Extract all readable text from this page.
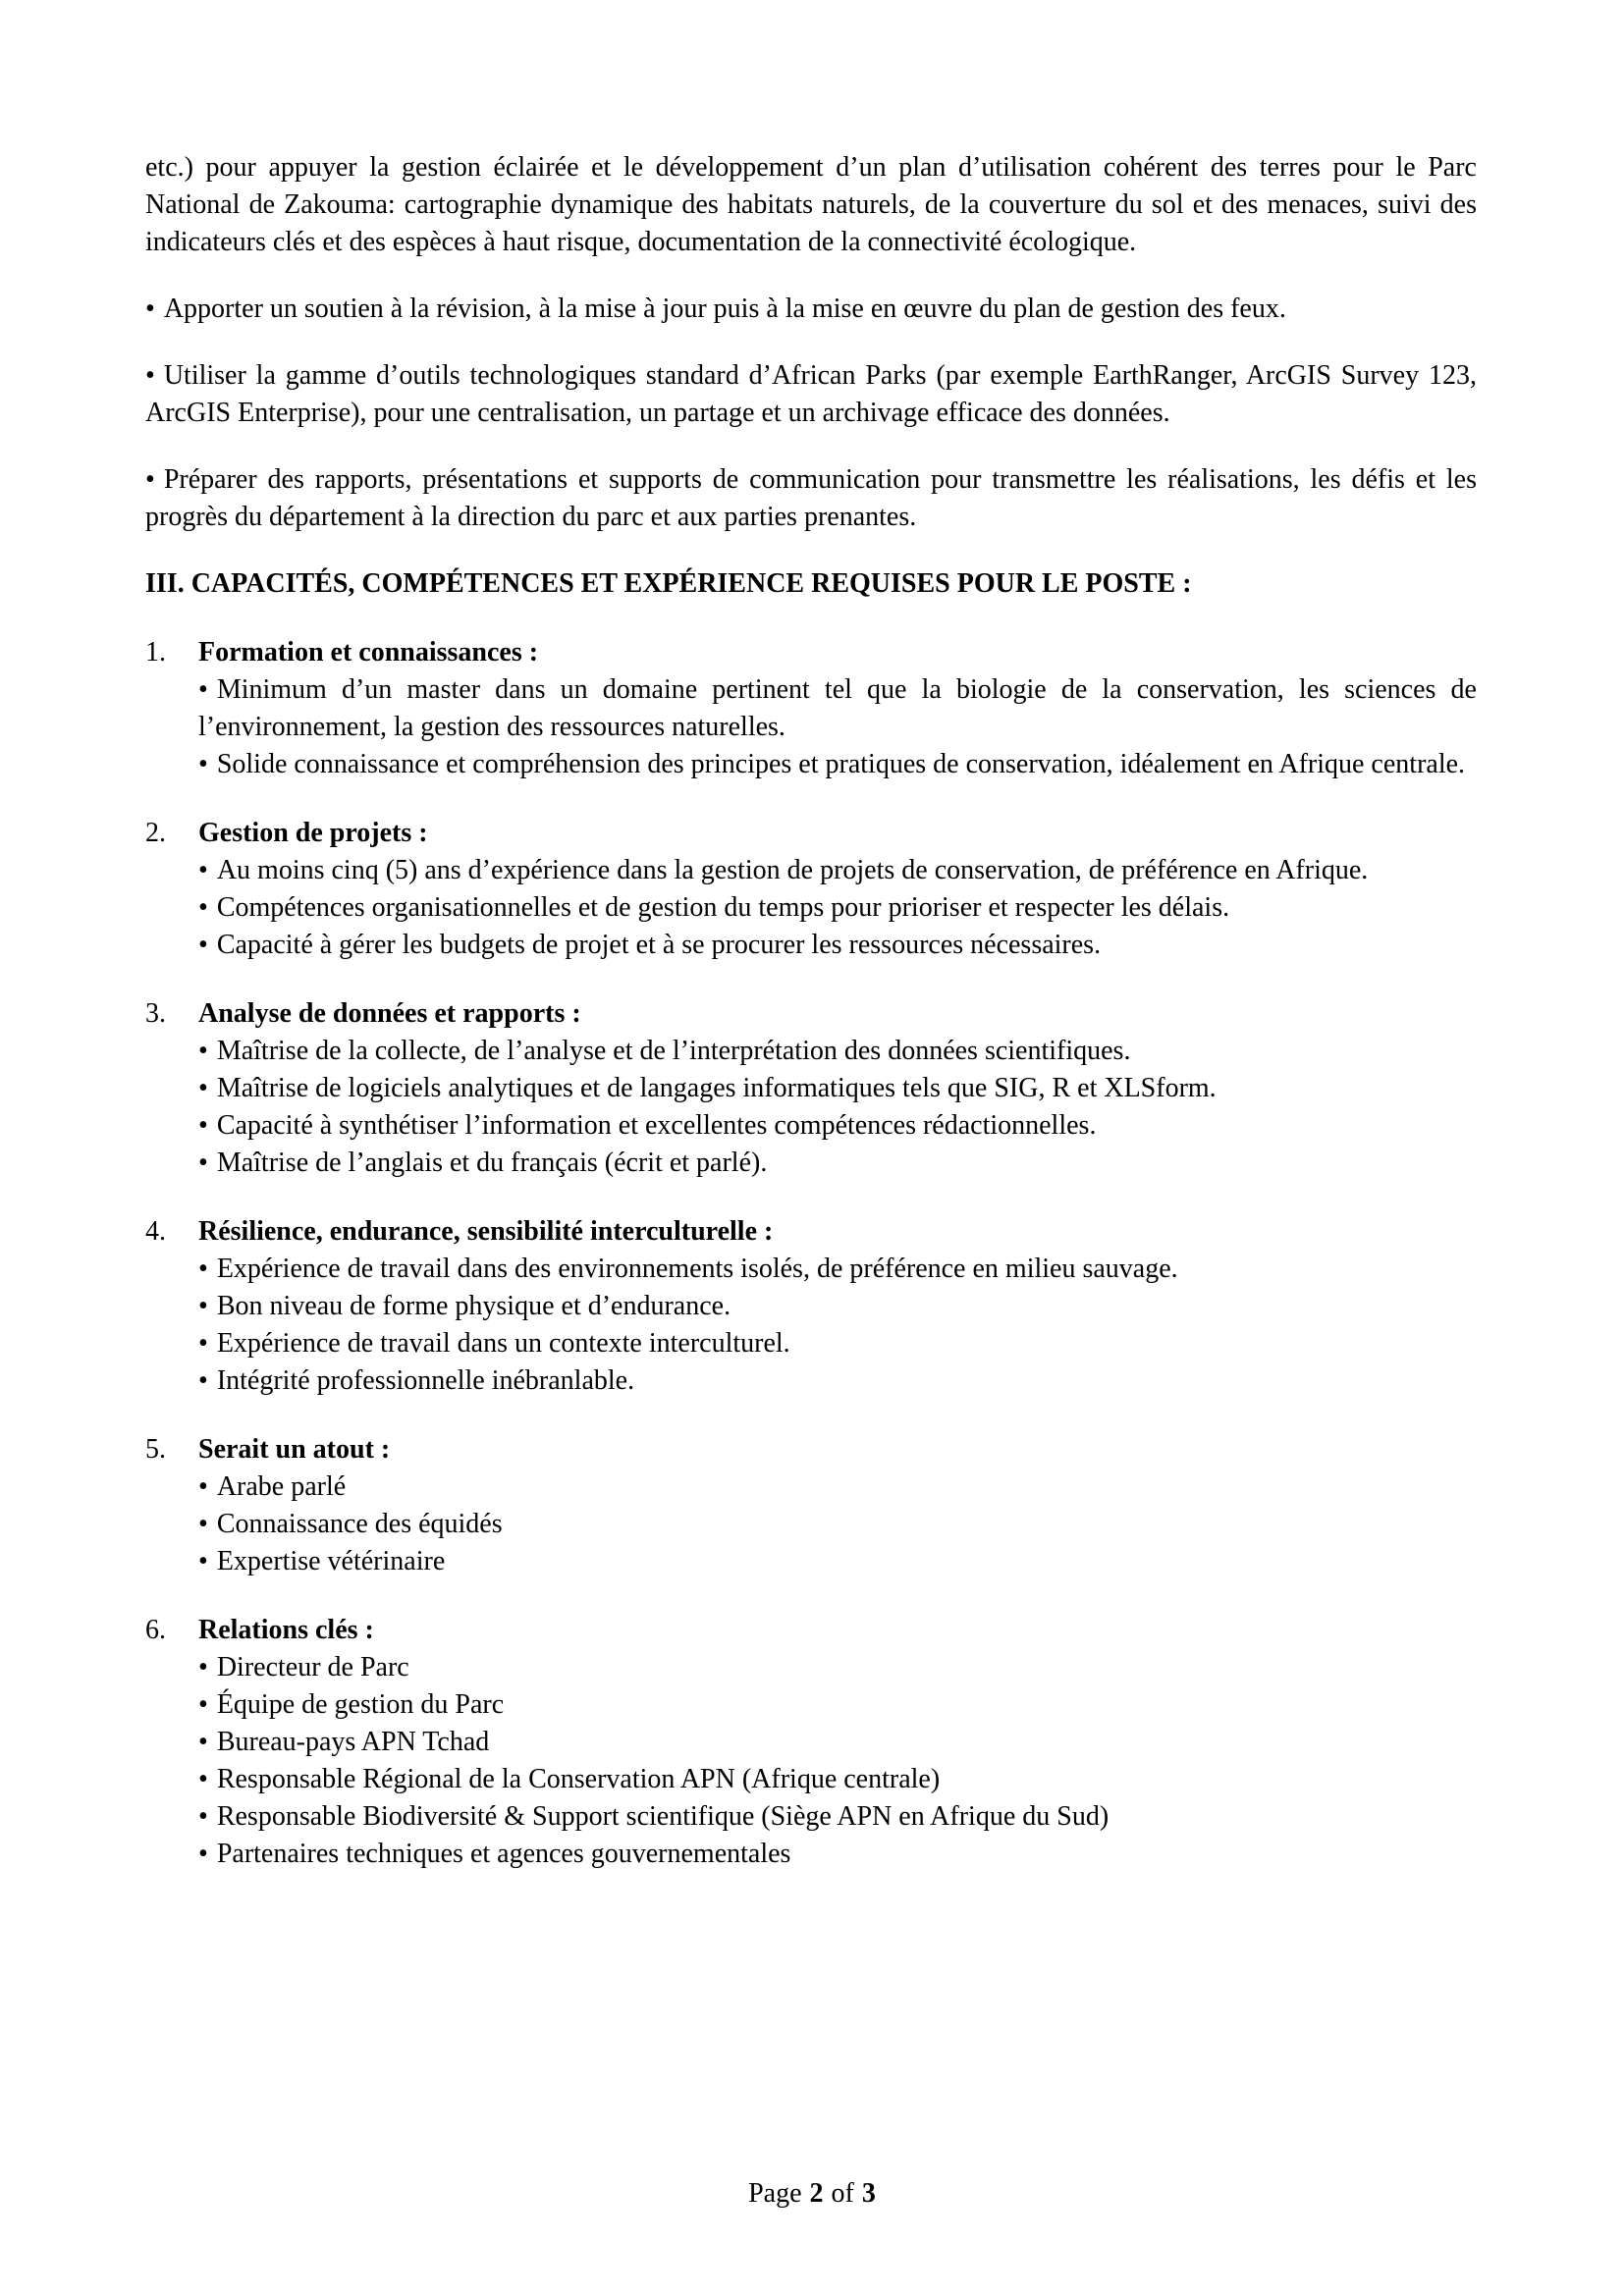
etc.) pour appuyer la gestion éclairée et le développement d’un plan d’utilisation cohérent des terres pour le Parc National de Zakouma: cartographie dynamique des habitats naturels, de la couverture du sol et des menaces, suivi des indicateurs clés et des espèces à haut risque, documentation de la connectivité écologique.

• Apporter un soutien à la révision, à la mise à jour puis à la mise en œuvre du plan de gestion des feux.

• Utiliser la gamme d’outils technologiques standard d’African Parks (par exemple EarthRanger, ArcGIS Survey 123, ArcGIS Enterprise), pour une centralisation, un partage et un archivage efficace des données.

• Préparer des rapports, présentations et supports de communication pour transmettre les réalisations, les défis et les progrès du département à la direction du parc et aux parties prenantes.

III. CAPACITÉS, COMPÉTENCES ET EXPÉRIENCE REQUISES POUR LE POSTE :
1.	Formation et connaissances :

• Minimum d’un master dans un domaine pertinent tel que la biologie de la conservation, les sciences de l’environnement, la gestion des ressources naturelles.

• Solide connaissance et compréhension des principes et pratiques de conservation, idéalement en Afrique centrale.

2.	Gestion de projets :

• Au moins cinq (5) ans d’expérience dans la gestion de projets de conservation, de préférence en Afrique.

• Compétences organisationnelles et de gestion du temps pour prioriser et respecter les délais.

• Capacité à gérer les budgets de projet et à se procurer les ressources nécessaires.

3.	Analyse de données et rapports :

• Maîtrise de la collecte, de l’analyse et de l’interprétation des données scientifiques.

• Maîtrise de logiciels analytiques et de langages informatiques tels que SIG, R et XLSform.

• Capacité à synthétiser l’information et excellentes compétences rédactionnelles.

• Maîtrise de l’anglais et du français (écrit et parlé).

4.	Résilience, endurance, sensibilité interculturelle :

• Expérience de travail dans des environnements isolés, de préférence en milieu sauvage.

• Bon niveau de forme physique et d’endurance.

• Expérience de travail dans un contexte interculturel.

• Intégrité professionnelle inébranlable.

5.	Serait un atout :

• Arabe parlé

• Connaissance des équidés

• Expertise vétérinaire

6.	Relations clés :

• Directeur de Parc

• Équipe de gestion du Parc

• Bureau-pays APN Tchad

• Responsable Régional de la Conservation APN (Afrique centrale)

• Responsable Biodiversité & Support scientifique (Siège APN en Afrique du Sud)

• Partenaires techniques et agences gouvernementales

Page 2 of 3
